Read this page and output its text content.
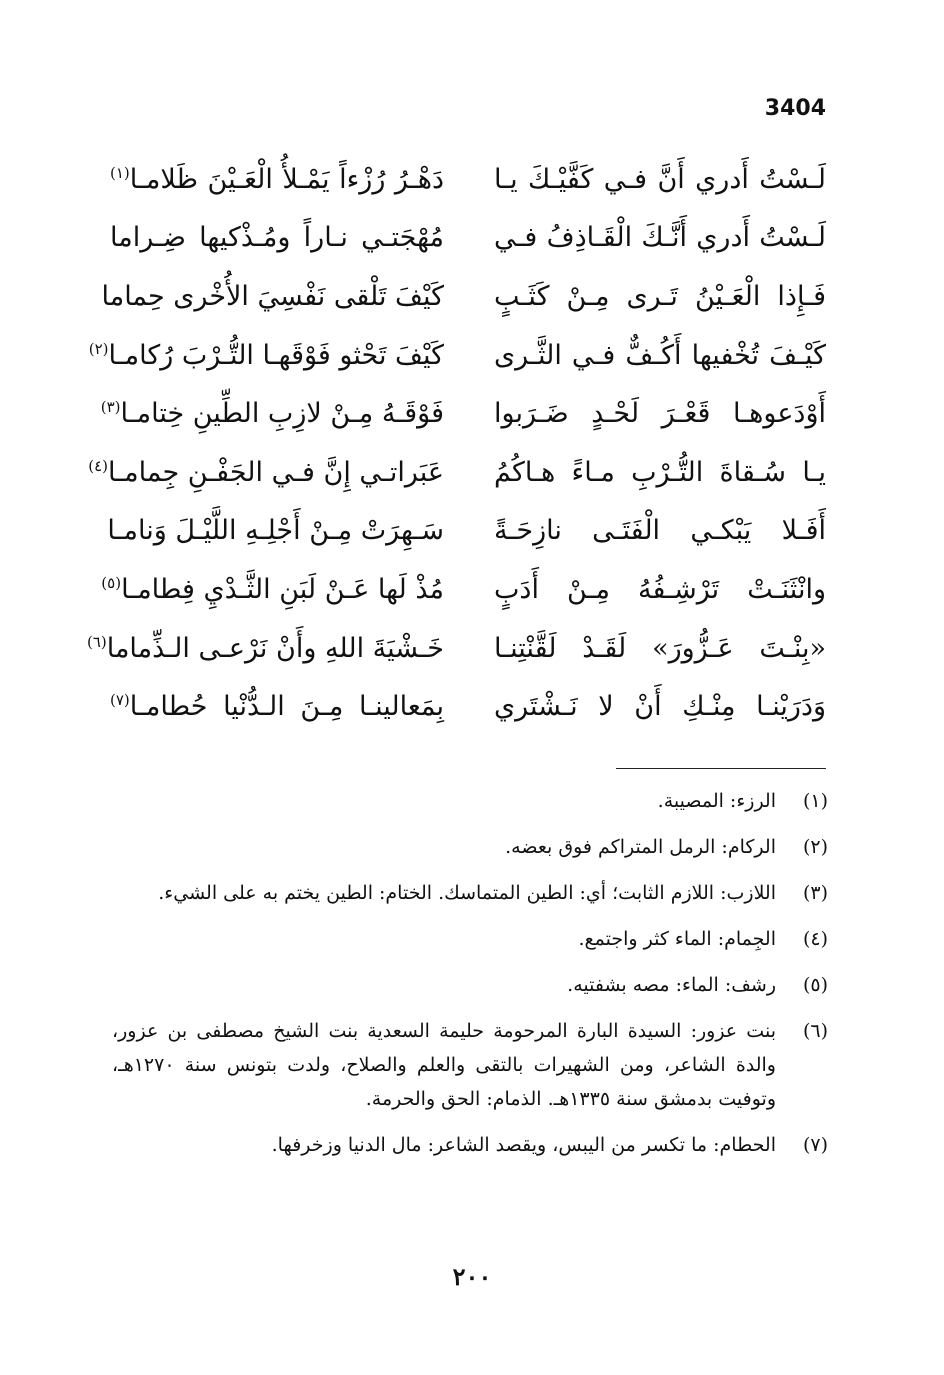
3404
لَـسْتُ أَدري أَنَّ فـي كَفَّيْـكَ يـا
دَهْـرُ رُزْءاً يَمْـلأُ الْعَـيْنَ ظَلامـا$^{(١)}$
لَـسْتُ أَدري أَنَّـكَ الْقَـاذِفُ فـي
مُهْجَتـي نـاراً ومُـذْكيها ضِـراما
فَـإِذا الْعَـيْنُ تَـرى مِـنْ كَثَـبٍ
كَيْفَ تَلْقى نَفْسِيَ الأُخْرى حِماما
كَيْـفَ تُخْفيها أَكُـفٌّ فـي الثَّـرى
كَيْفَ تَحْثو فَوْقَهـا التُّـرْبَ رُكامـا$^{(٢)}$
أَوْدَعوهـا قَعْـرَ لَحْـدٍ ضَـرَبوا
فَوْقَـهُ مِـنْ لازِبِ الطِّينِ خِتامـا$^{(٣)}$
يـا سُـقاةَ التُّـرْبِ مـاءً هـاكُمُ
عَبَراتـي إِنَّ فـي الجَفْـنِ جِمامـا$^{(٤)}$
أَفَـلا يَبْكـي الْفَتَـى نازِحَـةً
سَـهِرَتْ مِـنْ أَجْلِـهِ اللَّيْـلَ وَنامـا
وانْثَنَـتْ تَرْشِـفُهُ مِـنْ أَدَبٍ
مُذْ لَها عَـنْ لَبَنِ الثَّـدْيِ فِطامـا$^{(٥)}$
«بِنْـتَ عَـزُّورَ» لَقَـدْ لَقَّنْتِنـا
خَـشْيَةَ اللهِ وأَنْ نَرْعـى الـذِّماما$^{(٦)}$
وَدَرَيْنـا مِنْـكِ أَنْ لا نَـشْتَري
بِمَعالينـا مِـنَ الـدُّنْيا حُطامـا$^{(٧)}$
(١)
الرزء: المصيبة.
(٢)
الركام: الرمل المتراكم فوق بعضه.
(٣)
اللازب: اللازم الثابت؛ أي: الطين المتماسك. الختام: الطين يختم به على الشيء.
(٤)
الجِمام: الماء كثر واجتمع.
(٥)
رشف: الماء: مصه بشفتيه.
(٦)
بنت عزور: السيدة البارة المرحومة حليمة السعدية بنت الشيخ مصطفى بن عزور، والدة الشاعر، ومن الشهيرات بالتقى والعلم والصلاح، ولدت بتونس سنة ١٢٧٠هـ، وتوفيت بدمشق سنة ١٣٣٥هـ. الذمام: الحق والحرمة.
(٧)
الحطام: ما تكسر من اليبس، ويقصد الشاعر: مال الدنيا وزخرفها.
٢٠٠
